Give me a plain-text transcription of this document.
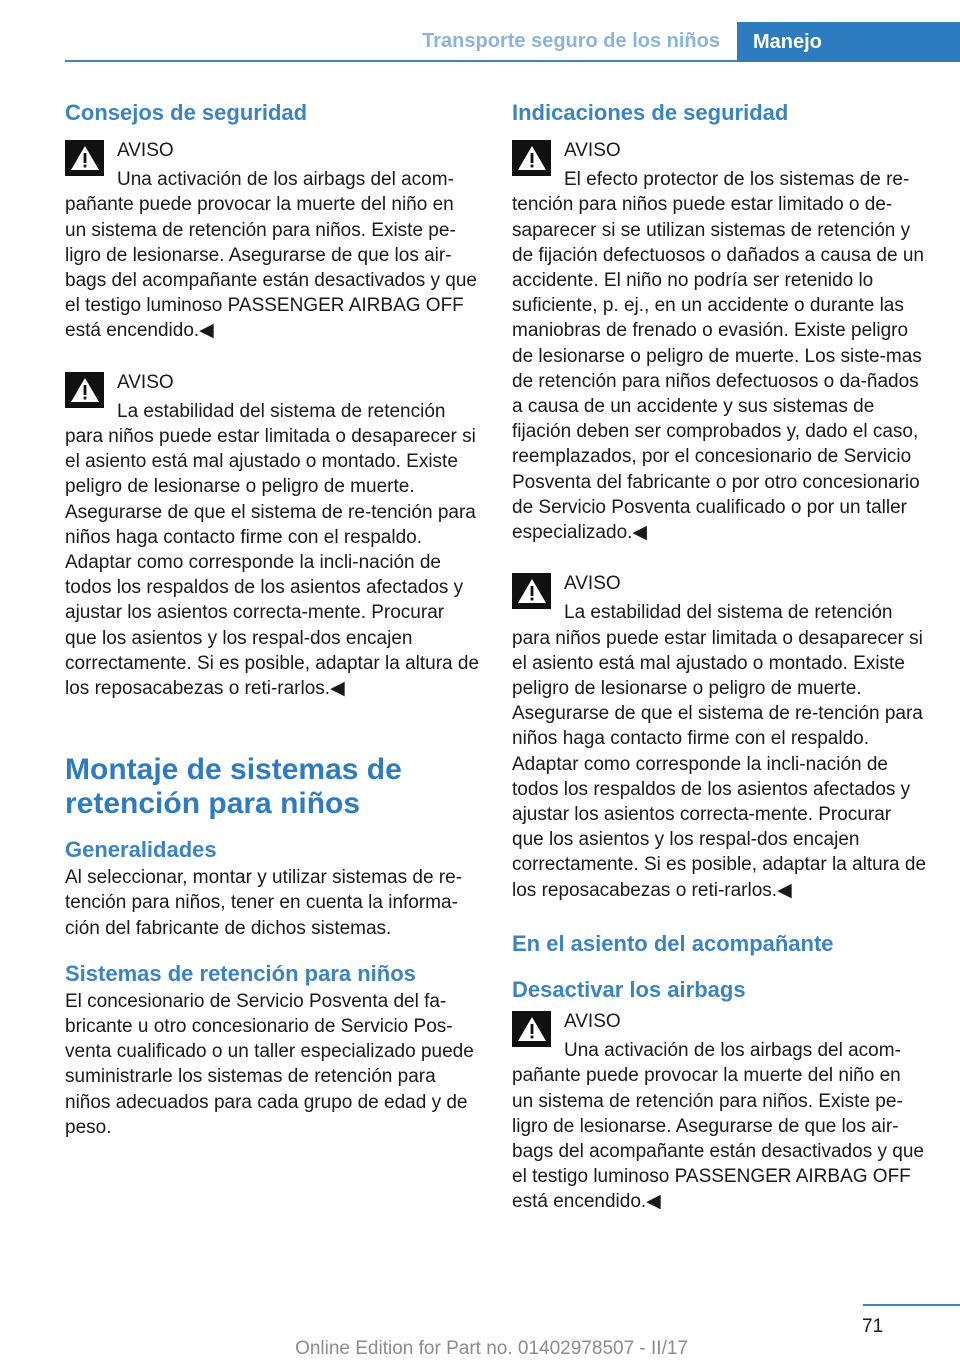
Transporte seguro de los niños	Manejo
Consejos de seguridad
AVISO

Una activación de los airbags del acom‐pañante puede provocar la muerte del niño en un sistema de retención para niños. Existe pe‐ligro de lesionarse. Asegurarse de que los air‐bags del acompañante están desactivados y que el testigo luminoso PASSENGER AIRBAG OFF está encendido.◀

AVISO

La estabilidad del sistema de retención para niños puede estar limitada o desaparecer si el asiento está mal ajustado o montado. Existe peligro de lesionarse o peligro de muerte. Asegurarse de que el sistema de re‐tención para niños haga contacto firme con el respaldo. Adaptar como corresponde la incli‐nación de todos los respaldos de los asientos afectados y ajustar los asientos correcta‐mente. Procurar que los asientos y los respal‐dos encajen correctamente. Si es posible, adaptar la altura de los reposacabezas o reti‐rarlos.◀

Montaje de sistemas de retención para niños
Generalidades

Al seleccionar, montar y utilizar sistemas de re‐tención para niños, tener en cuenta la informa‐ción del fabricante de dichos sistemas.

Sistemas de retención para niños

El concesionario de Servicio Posventa del fa‐bricante u otro concesionario de Servicio Pos‐venta cualificado o un taller especializado puede suministrarle los sistemas de retención para niños adecuados para cada grupo de edad y de peso.

Indicaciones de seguridad
AVISO

El efecto protector de los sistemas de re‐tención para niños puede estar limitado o de‐saparecer si se utilizan sistemas de retención y de fijación defectuosos o dañados a causa de un accidente. El niño no podría ser retenido lo suficiente, p. ej., en un accidente o durante las maniobras de frenado o evasión. Existe peligro de lesionarse o peligro de muerte. Los siste‐mas de retención para niños defectuosos o da‐ñados a causa de un accidente y sus sistemas de fijación deben ser comprobados y, dado el caso, reemplazados, por el concesionario de Servicio Posventa del fabricante o por otro concesionario de Servicio Posventa cualificado o por un taller especializado.◀

AVISO

La estabilidad del sistema de retención para niños puede estar limitada o desaparecer si el asiento está mal ajustado o montado. Existe peligro de lesionarse o peligro de muerte. Asegurarse de que el sistema de re‐tención para niños haga contacto firme con el respaldo. Adaptar como corresponde la incli‐nación de todos los respaldos de los asientos afectados y ajustar los asientos correcta‐mente. Procurar que los asientos y los respal‐dos encajen correctamente. Si es posible, adaptar la altura de los reposacabezas o reti‐rarlos.◀

En el asiento del acompañante
Desactivar los airbags
AVISO

Una activación de los airbags del acom‐pañante puede provocar la muerte del niño en un sistema de retención para niños. Existe pe‐ligro de lesionarse. Asegurarse de que los air‐bags del acompañante están desactivados y que el testigo luminoso PASSENGER AIRBAG OFF está encendido.◀

71
Online Edition for Part no. 01402978507 - II/17
